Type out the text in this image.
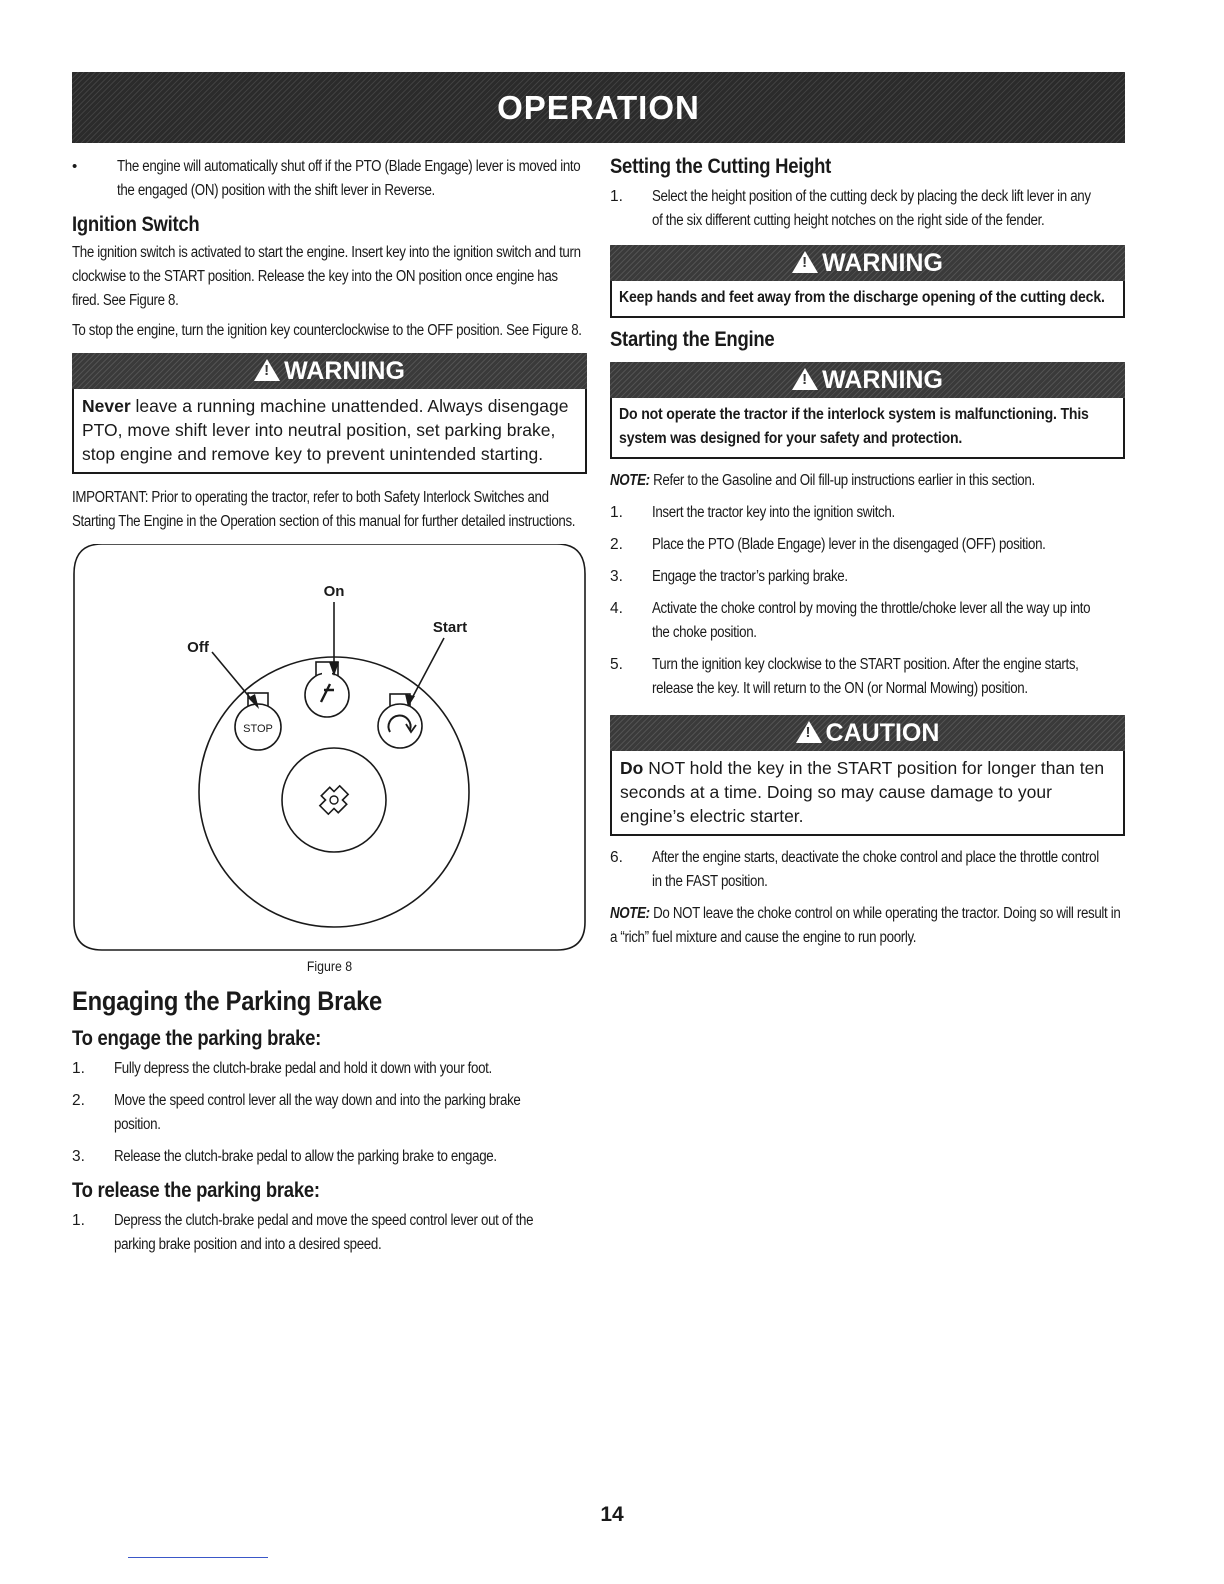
OPERATION
•	The engine will automatically shut off if the PTO (Blade Engage) lever is moved into the engaged (ON) position with the shift lever in Reverse.

Ignition Switch

The ignition switch is activated to start the engine. Insert key into the ignition switch and turn clockwise to the START position. Release the key into the ON position once engine has fired. See Figure 8.

To stop the engine, turn the ignition key counterclockwise to the OFF position. See Figure 8.

!WARNING
Never leave a running machine unattended. Always disengage PTO, move shift lever into neutral position, set parking brake, stop engine and remove key to prevent unintended starting.

IMPORTANT: Prior to operating the tractor, refer to both Safety Interlock Switches and Starting The Engine in the Operation section of this manual for further detailed instructions.

STOP
On
Off
Start
Figure 8
Engaging the Parking Brake
To engage the parking brake:
1.	Fully depress the clutch-brake pedal and hold it down with your foot.

2.	Move the speed control lever all the way down and into the parking brake position.

3.	Release the clutch-brake pedal to allow the parking brake to engage.

To release the parking brake:
1.	Depress the clutch-brake pedal and move the speed control lever out of the parking brake position and into a desired speed.

Setting the Cutting Height
1.	Select the height position of the cutting deck by placing the deck lift lever in any of the six different cutting height notches on the right side of the fender.

!WARNING
Keep hands and feet away from the discharge opening of the cutting deck.
Starting the Engine
!WARNING
Do not operate the tractor if the interlock system is malfunctioning. This system was designed for your safety and protection.

NOTE: Refer to the Gasoline and Oil fill-up instructions earlier in this section.

1.	Insert the tractor key into the ignition switch.

2.	Place the PTO (Blade Engage) lever in the disengaged (OFF) position.

3.	Engage the tractor’s parking brake.

4.	Activate the choke control by moving the throttle/choke lever all the way up into the choke position.

5.	Turn the ignition key clockwise to the START position. After the engine starts, release the key. It will return to the ON (or Normal Mowing) position.

!CAUTION
Do NOT hold the key in the START position for longer than ten seconds at a time. Doing so may cause damage to your engine’s electric starter.
6.	After the engine starts, deactivate the choke control and place the throttle control in the FAST position.

NOTE: Do NOT leave the choke control on while operating the tractor. Doing so will result in a “rich” fuel mixture and cause the engine to run poorly.

14
